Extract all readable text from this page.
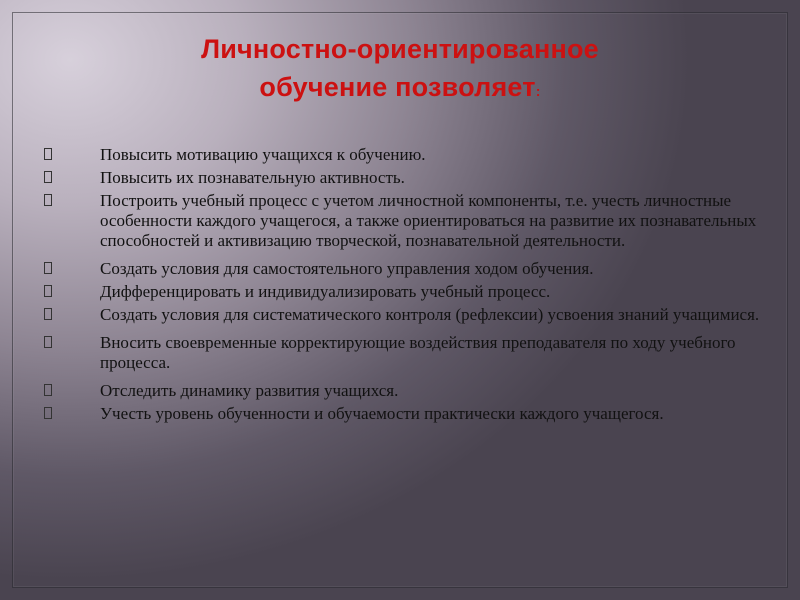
Личностно-ориентированное
обучение позволяет:
Повысить мотивацию учащихся к обучению.
Повысить их познавательную активность.
Построить учебный процесс с учетом личностной компоненты, т.е. учесть личностные особенности каждого учащегося, а также ориентироваться на развитие их познавательных способностей и активизацию творческой, познавательной деятельности.
Создать условия для самостоятельного управления ходом обучения.
Дифференцировать и индивидуализировать учебный процесс.
Создать условия для систематического контроля (рефлексии) усвоения знаний учащимися.
Вносить своевременные корректирующие воздействия преподавателя по ходу учебного процесса.
Отследить динамику развития учащихся.
Учесть уровень обученности и обучаемости практически каждого учащегося.
